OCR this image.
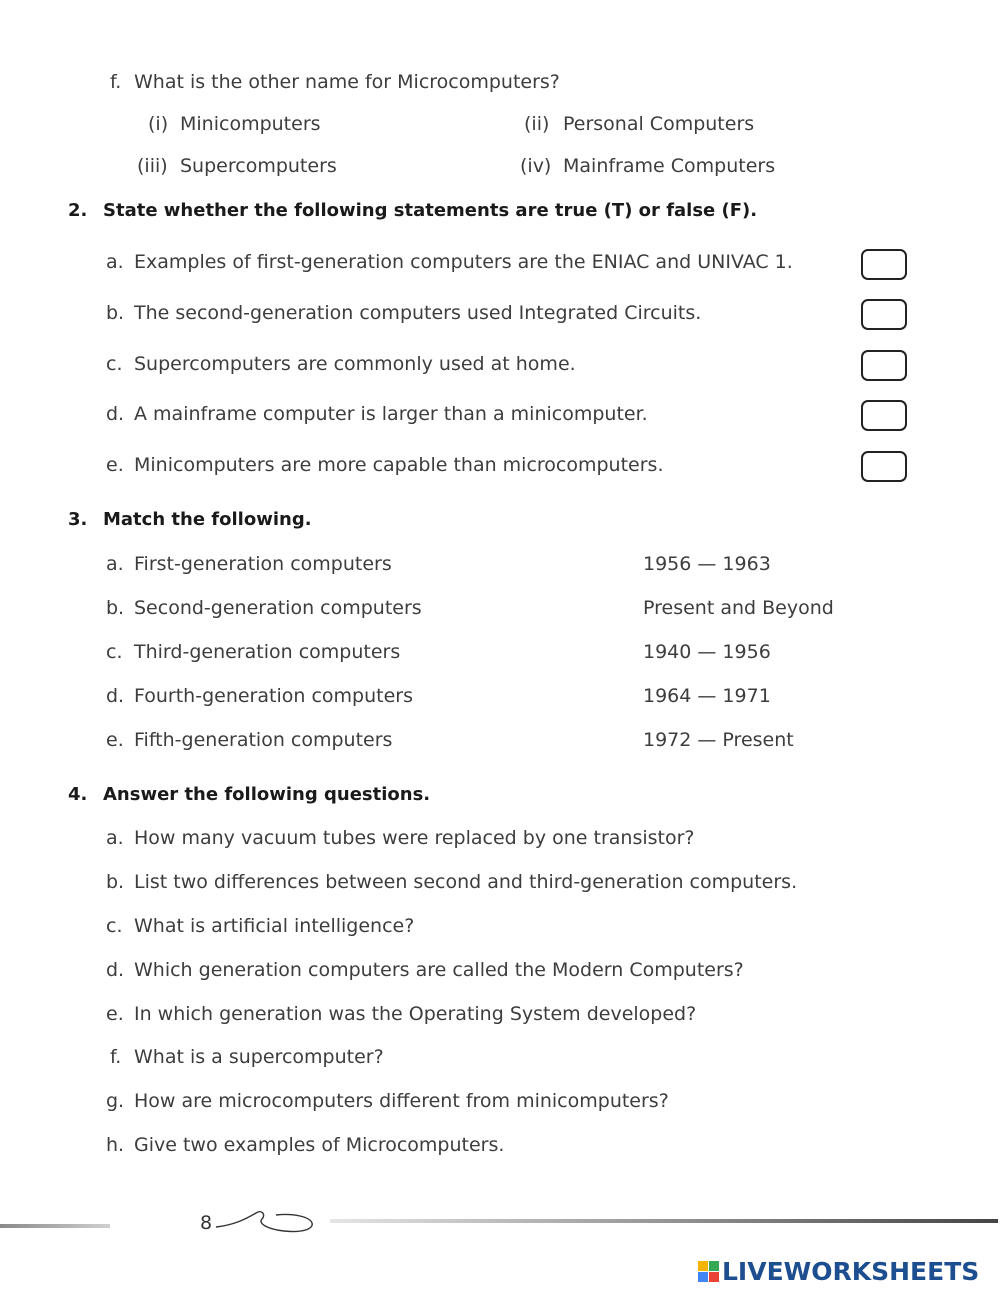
f. What is the other name for Microcomputers?
(i) Minicomputers	(ii) Personal Computers
(iii) Supercomputers	(iv) Mainframe Computers
2. State whether the following statements are true (T) or false (F).
a. Examples of first-generation computers are the ENIAC and UNIVAC 1.
b. The second-generation computers used Integrated Circuits.
c. Supercomputers are commonly used at home.
d. A mainframe computer is larger than a minicomputer.
e. Minicomputers are more capable than microcomputers.
3. Match the following.
a. First-generation computers	1956 — 1963
b. Second-generation computers	Present and Beyond
c. Third-generation computers	1940 — 1956
d. Fourth-generation computers	1964 — 1971
e. Fifth-generation computers	1972 — Present
4. Answer the following questions.
a. How many vacuum tubes were replaced by one transistor?
b. List two differences between second and third-generation computers.
c. What is artificial intelligence?
d. Which generation computers are called the Modern Computers?
e. In which generation was the Operating System developed?
f. What is a supercomputer?
g. How are microcomputers different from minicomputers?
h. Give two examples of Microcomputers.
8
LIVEWORKSHEETS
